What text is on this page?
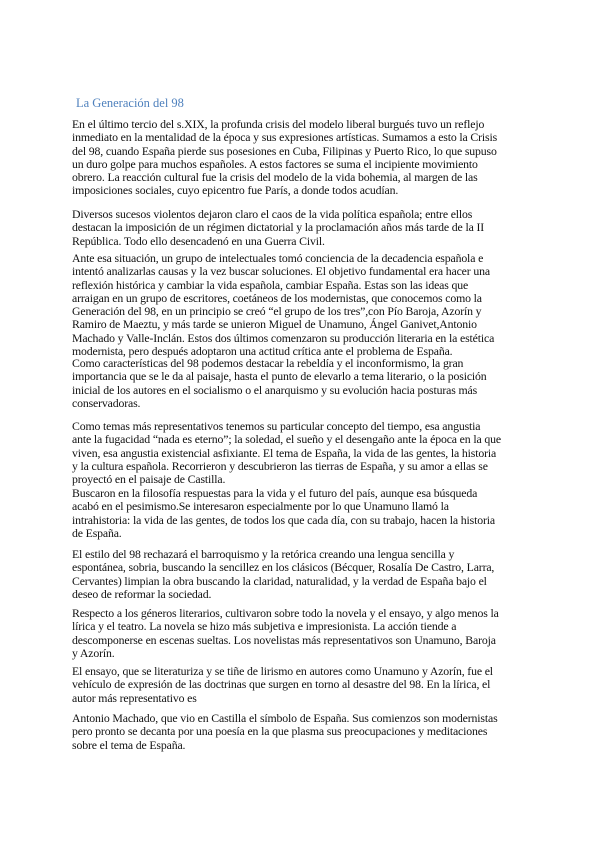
La Generación del 98
En el último tercio del s.XIX, la profunda crisis del modelo liberal burgués tuvo un reflejo
inmediato en la mentalidad de la época y sus expresiones artísticas. Sumamos a esto la Crisis
del 98, cuando España pierde sus posesiones en Cuba, Filipinas y Puerto Rico, lo que supuso
un duro golpe para muchos españoles. A estos factores se suma el incipiente movimiento
obrero. La reacción cultural fue la crisis del modelo de la vida bohemia, al margen de las
imposiciones sociales, cuyo epicentro fue París, a donde todos acudían.
Diversos sucesos violentos dejaron claro el caos de la vida política española; entre ellos
destacan la imposición de un régimen dictatorial y la proclamación años más tarde de la II
República. Todo ello desencadenó en una Guerra Civil.
Ante esa situación, un grupo de intelectuales tomó conciencia de la decadencia española e
intentó analizarlas causas y la vez buscar soluciones. El objetivo fundamental era hacer una
reflexión histórica y cambiar la vida española, cambiar España. Estas son las ideas que
arraigan en un grupo de escritores, coetáneos de los modernistas, que conocemos como la
Generación del 98, en un principio se creó “el grupo de los tres”,con Pío Baroja, Azorín y
Ramiro de Maeztu, y más tarde se unieron Miguel de Unamuno, Ángel Ganivet,Antonio
Machado y Valle-Inclán. Estos dos últimos comenzaron su producción literaria en la estética
modernista, pero después adoptaron una actitud crítica ante el problema de España.
Como características del 98 podemos destacar la rebeldía y el inconformismo, la gran
importancia que se le da al paisaje, hasta el punto de elevarlo a tema literario, o la posición
inicial de los autores en el socialismo o el anarquismo y su evolución hacia posturas más
conservadoras.
Como temas más representativos tenemos su particular concepto del tiempo, esa angustia
ante la fugacidad “nada es eterno”; la soledad, el sueño y el desengaño ante la época en la que
viven, esa angustia existencial asfixiante. El tema de España, la vida de las gentes, la historia
y la cultura española. Recorrieron y descubrieron las tierras de España, y su amor a ellas se
proyectó en el paisaje de Castilla.
Buscaron en la filosofía respuestas para la vida y el futuro del país, aunque esa búsqueda
acabó en el pesimismo.Se interesaron especialmente por lo que Unamuno llamó la
intrahistoria: la vida de las gentes, de todos los que cada día, con su trabajo, hacen la historia
de España.
El estilo del 98 rechazará el barroquismo y la retórica creando una lengua sencilla y
espontánea, sobria, buscando la sencillez en los clásicos (Bécquer, Rosalía De Castro, Larra,
Cervantes) limpian la obra buscando la claridad, naturalidad, y la verdad de España bajo el
deseo de reformar la sociedad.
Respecto a los géneros literarios, cultivaron sobre todo la novela y el ensayo, y algo menos la
lírica y el teatro. La novela se hizo más subjetiva e impresionista. La acción tiende a
descomponerse en escenas sueltas. Los novelistas más representativos son Unamuno, Baroja
y Azorín.
El ensayo, que se literaturiza y se tiñe de lirismo en autores como Unamuno y Azorín, fue el
vehículo de expresión de las doctrinas que surgen en torno al desastre del 98. En la lírica, el
autor más representativo es
Antonio Machado, que vio en Castilla el símbolo de España. Sus comienzos son modernistas
pero pronto se decanta por una poesía en la que plasma sus preocupaciones y meditaciones
sobre el tema de España.
